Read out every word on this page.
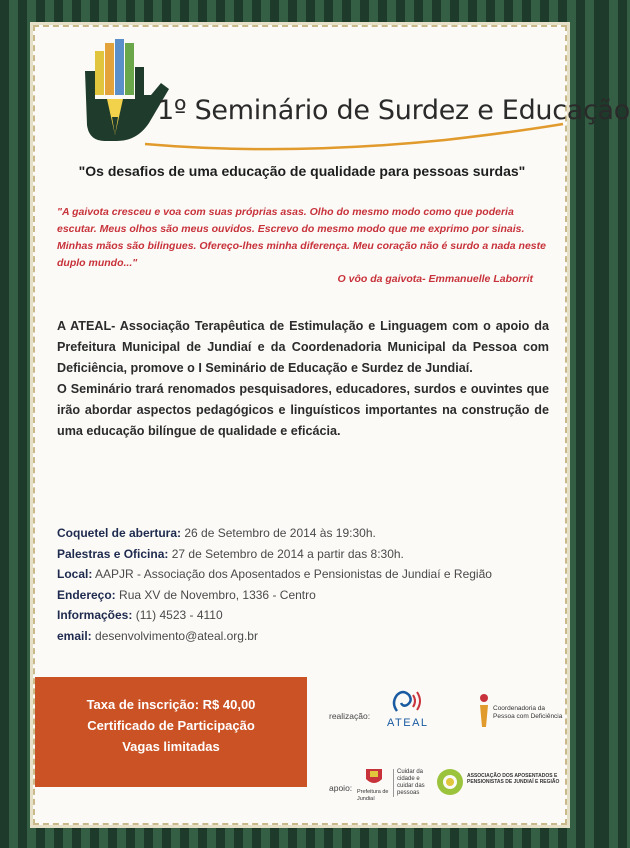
1º Seminário de Surdez e Educação
"Os desafios de uma educação de qualidade para pessoas surdas"
"A gaivota cresceu e voa com suas próprias asas. Olho do mesmo modo como que poderia escutar. Meus olhos são meus ouvidos. Escrevo do mesmo modo que me exprimo por sinais. Minhas mãos são bilingues. Ofereço-lhes minha diferença. Meu coração não é surdo a nada neste duplo mundo..."
O vôo da gaivota- Emmanuelle Laborrit

A ATEAL- Associação Terapêutica de Estimulação e Linguagem com o apoio da Prefeitura Municipal de Jundiaí e da Coordenadoria Municipal da Pessoa com Deficiência, promove o I Seminário de Educação e Surdez de Jundiaí.

O Seminário trará renomados pesquisadores, educadores, surdos e ouvintes que irão abordar aspectos pedagógicos e linguísticos importantes na construção de uma educação bilíngue de qualidade e eficácia.

Coquetel de abertura: 26 de Setembro de 2014 às 19:30h.
Palestras e Oficina: 27 de Setembro de 2014 a partir das 8:30h.
Local: AAPJR - Associação dos Aposentados e Pensionistas de Jundiaí e Região
Endereço: Rua XV de Novembro, 1336 - Centro
Informações: (11) 4523 - 4110
email: desenvolvimento@ateal.org.br
Taxa de inscrição: R$ 40,00
Certificado de Participação
Vagas limitadas
realização:
ATEAL
Coordenadoria da Pessoa com Deficiência
apoio: Prefeitura de Jundiaí
Cuidar da cidade e cuidar das pessoas
ASSOCIAÇÃO DOS APOSENTADOS E PENSIONISTAS DE JUNDIAÍ E REGIÃO
